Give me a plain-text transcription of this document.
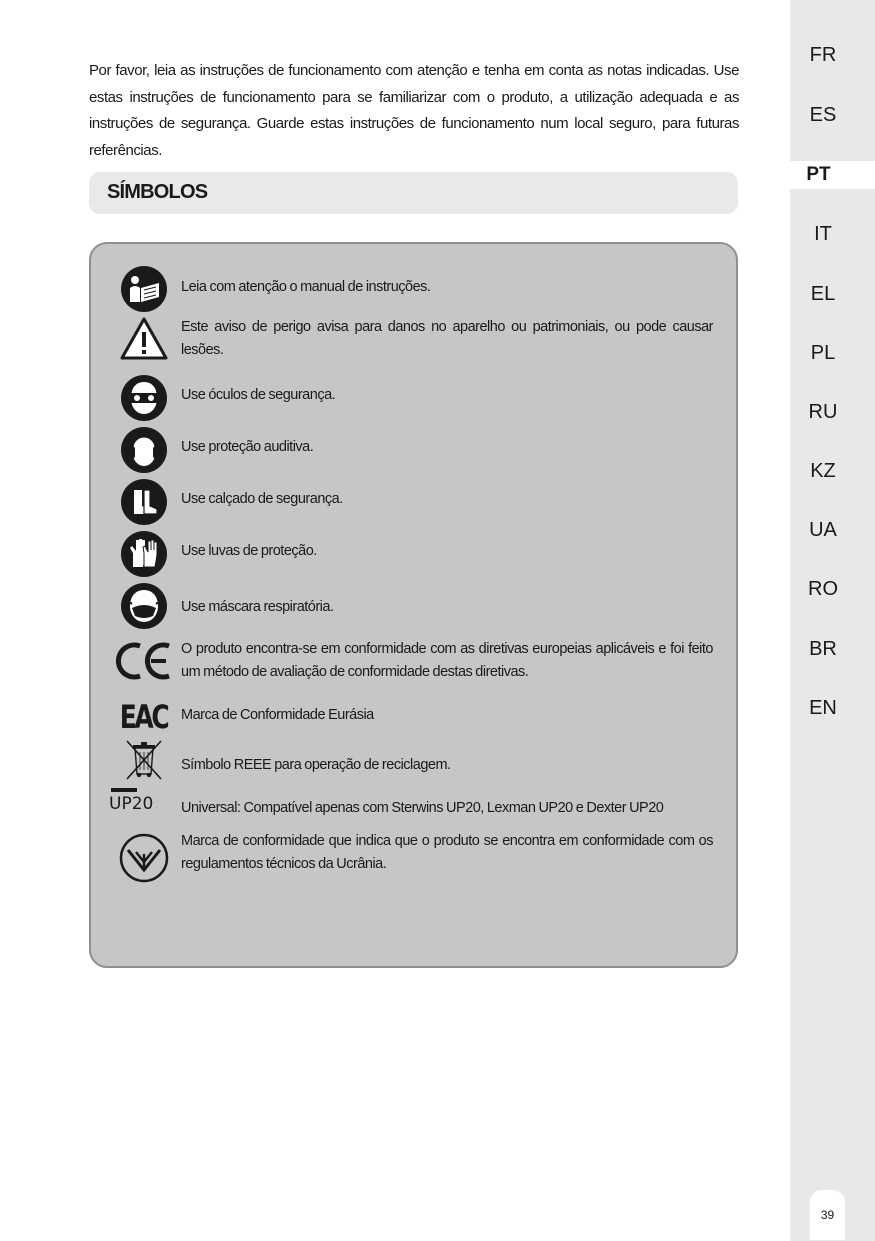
Por favor, leia as instruções de funcionamento com atenção e tenha em conta as notas indicadas. Use estas instruções de funcionamento para se familiarizar com o produto, a utilização adequada e as instruções de segurança. Guarde estas instruções de funcionamento num local seguro, para futuras referências.

SÍMBOLOS
Leia com atenção o manual de instruções.
Este aviso de perigo avisa para danos no aparelho ou patrimoniais, ou pode causar lesões.
Use óculos de segurança.
Use proteção auditiva.
Use calçado de segurança.
Use luvas de proteção.
Use máscara respiratória.
O produto encontra-se em conformidade com as diretivas europeias aplicáveis e foi feito um método de avaliação de conformidade destas diretivas.
EAC Marca de Conformidade Eurásia
Símbolo REEE para operação de reciclagem.
UP20 Universal: Compatível apenas com Sterwins UP20, Lexman UP20 e Dexter UP20
Marca de conformidade que indica que o produto se encontra em conformidade com os regulamentos técnicos da Ucrânia.
FR
ES
PT
IT
EL
PL
RU
KZ
UA
RO
BR
EN
39
